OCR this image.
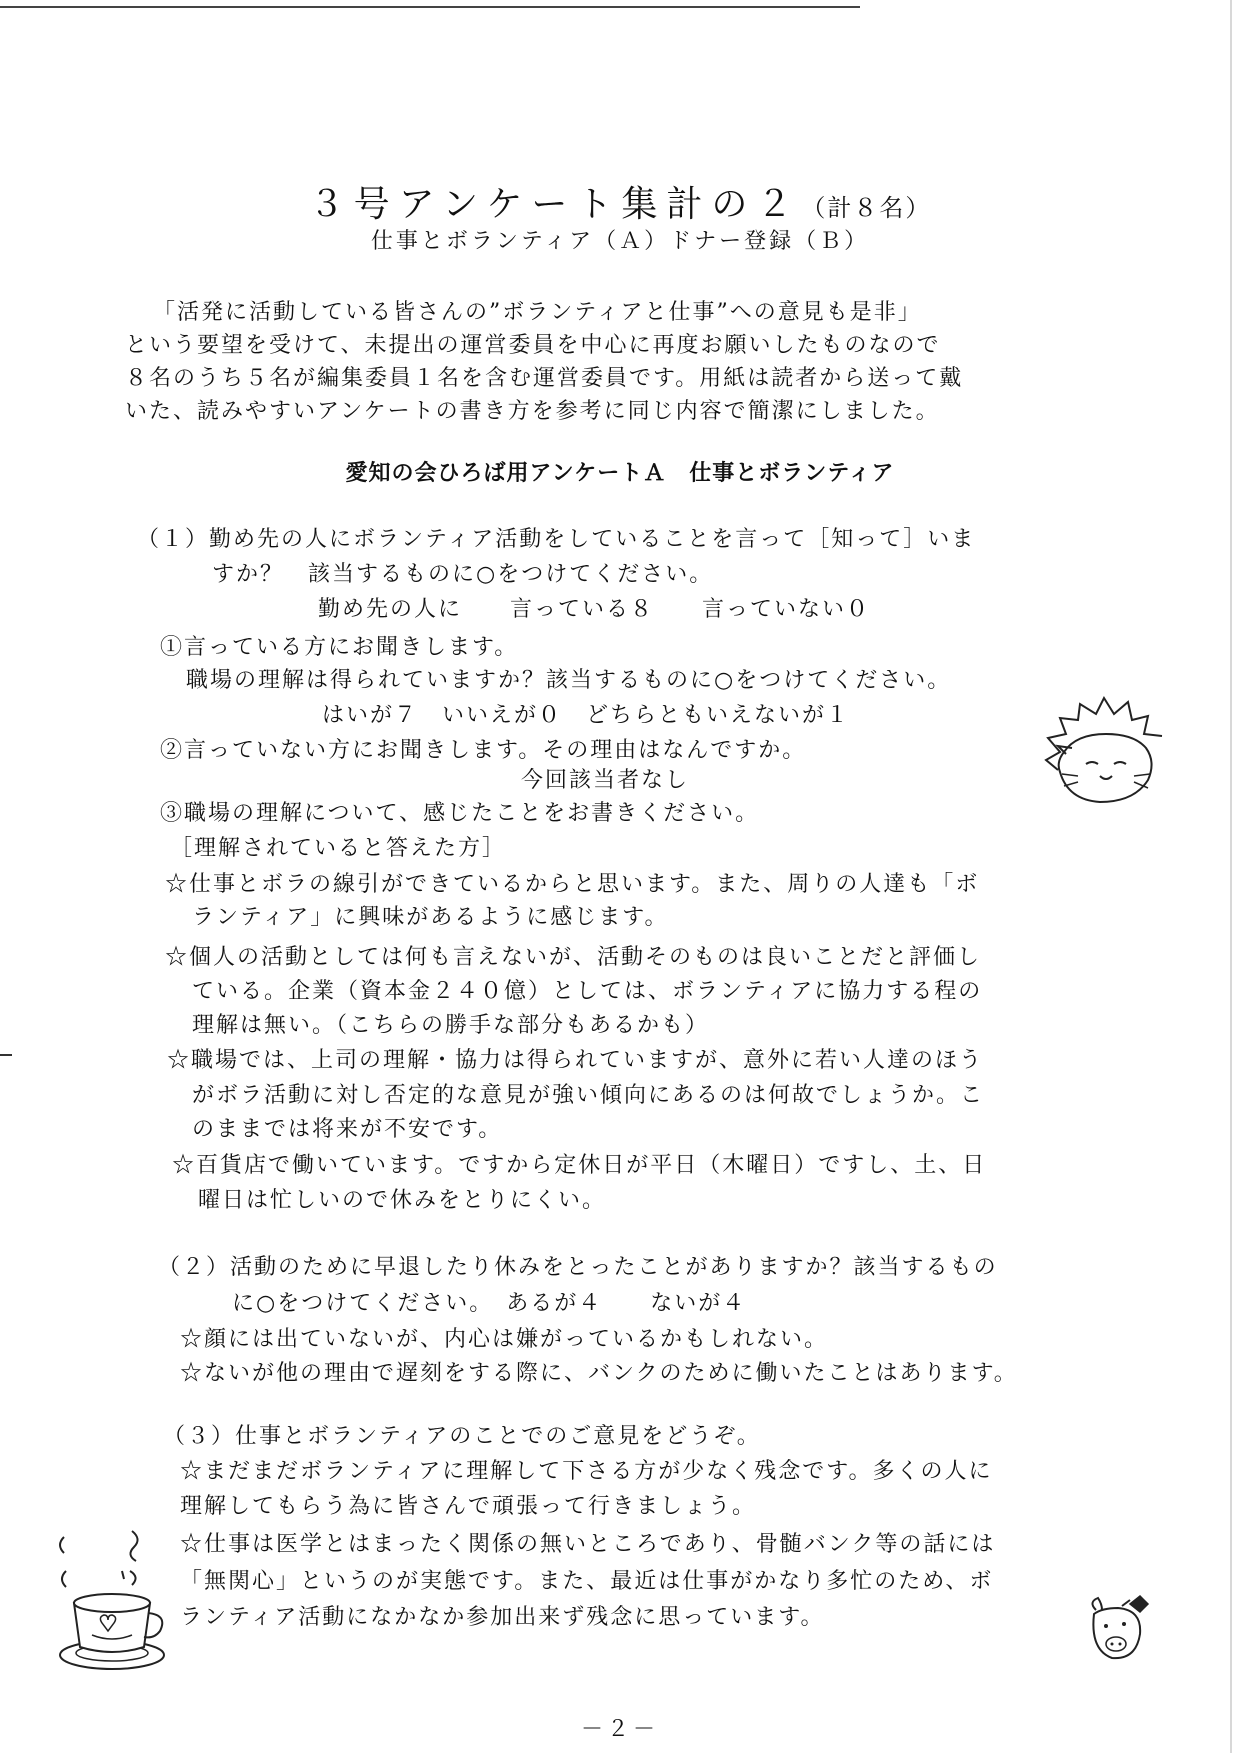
３号アンケート集計の２（計８名）
仕事とボランティア（Ａ）ドナー登録（Ｂ）
「活発に活動している皆さんの”ボランティアと仕事”への意見も是非」
という要望を受けて、未提出の運営委員を中心に再度お願いしたものなので
８名のうち５名が編集委員１名を含む運営委員です。用紙は読者から送って戴
いた、読みやすいアンケートの書き方を参考に同じ内容で簡潔にしました。
愛知の会ひろば用アンケートＡ　仕事とボランティア
（１）勤め先の人にボランティア活動をしていることを言って［知って］いま
すか？　該当するものに○をつけてください。
勤め先の人に　　言っている８　　言っていない０
①言っている方にお聞きします。
職場の理解は得られていますか？該当するものに○をつけてください。
はいが７　いいえが０　どちらともいえないが１
②言っていない方にお聞きします。その理由はなんですか。
今回該当者なし
③職場の理解について、感じたことをお書きください。
［理解されていると答えた方］
☆仕事とボラの線引ができているからと思います。また、周りの人達も「ボ
ランティア」に興味があるように感じます。
☆個人の活動としては何も言えないが、活動そのものは良いことだと評価し
ている。企業（資本金２４０億）としては、ボランティアに協力する程の
理解は無い。（こちらの勝手な部分もあるかも）
☆職場では、上司の理解・協力は得られていますが、意外に若い人達のほう
がボラ活動に対し否定的な意見が強い傾向にあるのは何故でしょうか。こ
のままでは将来が不安です。
☆百貨店で働いています。ですから定休日が平日（木曜日）ですし、土、日
曜日は忙しいので休みをとりにくい。
（２）活動のために早退したり休みをとったことがありますか？該当するもの
に○をつけてください。　あるが４　　ないが４
☆顔には出ていないが、内心は嫌がっているかもしれない。
☆ないが他の理由で遅刻をする際に、バンクのために働いたことはあります。
（３）仕事とボランティアのことでのご意見をどうぞ。
☆まだまだボランティアに理解して下さる方が少なく残念です。多くの人に
理解してもらう為に皆さんで頑張って行きましょう。
☆仕事は医学とはまったく関係の無いところであり、骨髄バンク等の話には
「無関心」というのが実態です。また、最近は仕事がかなり多忙のため、ボ
ランティア活動になかなか参加出来ず残念に思っています。
－２－
